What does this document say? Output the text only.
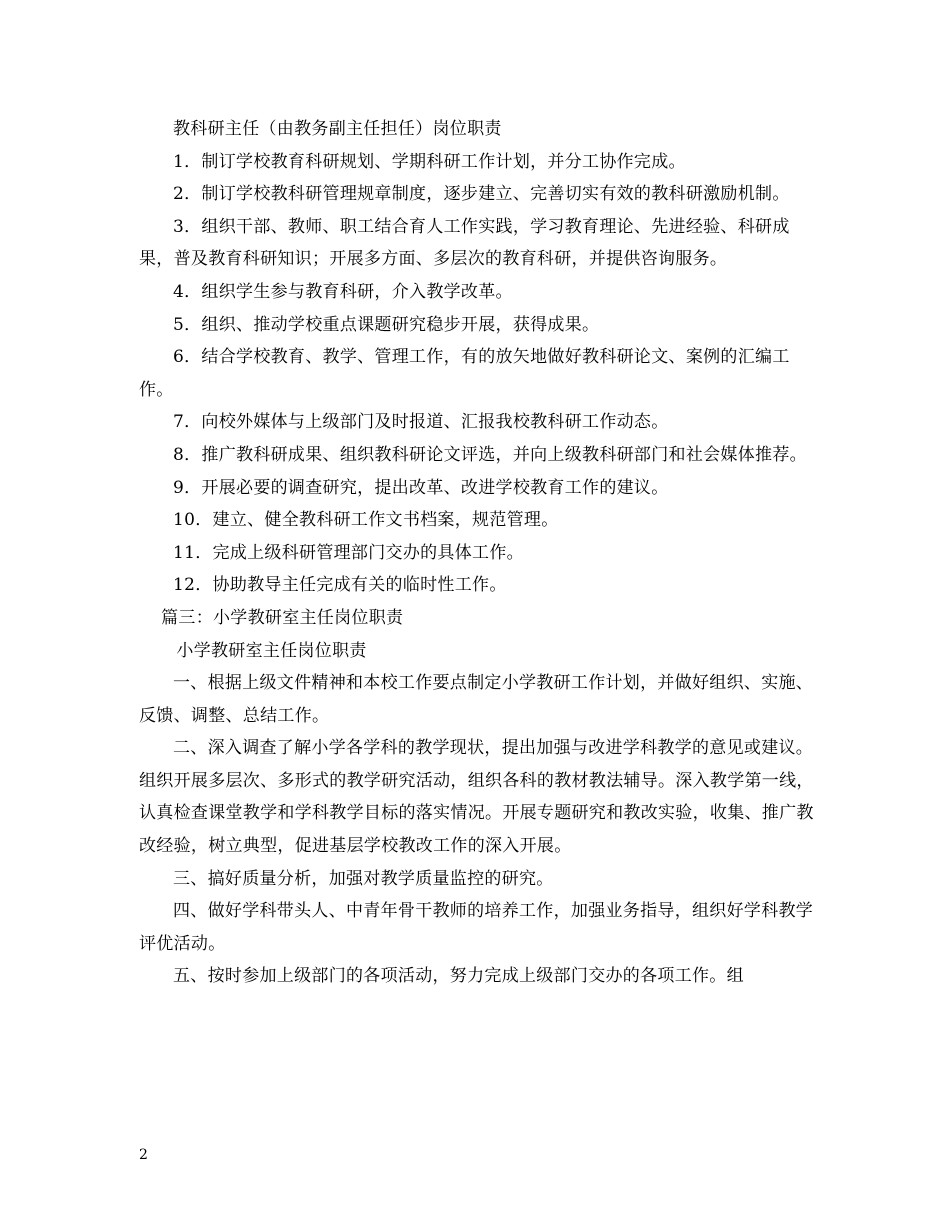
教科研主任（由教务副主任担任）岗位职责

1．制订学校教育科研规划、学期科研工作计划，并分工协作完成。

2．制订学校教科研管理规章制度，逐步建立、完善切实有效的教科研激励机制。

3．组织干部、教师、职工结合育人工作实践，学习教育理论、先进经验、科研成果，普及教育科研知识；开展多方面、多层次的教育科研，并提供咨询服务。

4．组织学生参与教育科研，介入教学改革。

5．组织、推动学校重点课题研究稳步开展，获得成果。

6．结合学校教育、教学、管理工作，有的放矢地做好教科研论文、案例的汇编工作。

7．向校外媒体与上级部门及时报道、汇报我校教科研工作动态。

8．推广教科研成果、组织教科研论文评选，并向上级教科研部门和社会媒体推荐。

9．开展必要的调查研究，提出改革、改进学校教育工作的建议。

10．建立、健全教科研工作文书档案，规范管理。

11．完成上级科研管理部门交办的具体工作。

12．协助教导主任完成有关的临时性工作。

篇三：小学教研室主任岗位职责

小学教研室主任岗位职责

一、根据上级文件精神和本校工作要点制定小学教研工作计划，并做好组织、实施、反馈、调整、总结工作。

二、深入调查了解小学各学科的教学现状，提出加强与改进学科教学的意见或建议。组织开展多层次、多形式的教学研究活动，组织各科的教材教法辅导。深入教学第一线，认真检查课堂教学和学科教学目标的落实情况。开展专题研究和教改实验，收集、推广教改经验，树立典型，促进基层学校教改工作的深入开展。

三、搞好质量分析，加强对教学质量监控的研究。

四、做好学科带头人、中青年骨干教师的培养工作，加强业务指导，组织好学科教学评优活动。

五、按时参加上级部门的各项活动，努力完成上级部门交办的各项工作。组

2
